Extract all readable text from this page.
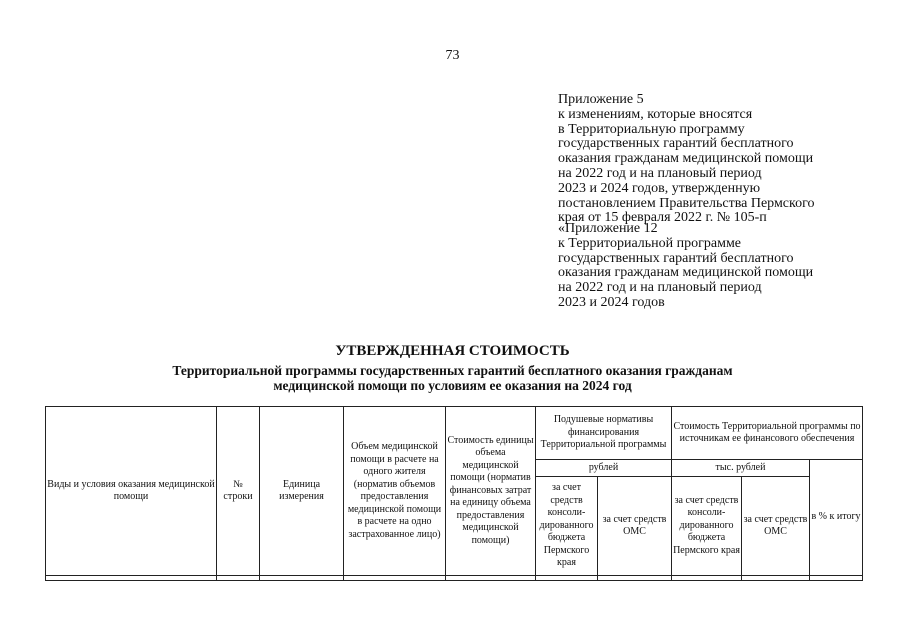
73
Приложение 5
к изменениям, которые вносятся
в Территориальную программу
государственных гарантий бесплатного
оказания гражданам медицинской помощи
на 2022 год и на плановый период
2023 и 2024 годов, утвержденную
постановлением Правительства Пермского
края от 15 февраля 2022 г. № 105-п
«Приложение 12
к Территориальной программе
государственных гарантий бесплатного
оказания гражданам медицинской помощи
на 2022 год и на плановый период
2023 и 2024 годов
УТВЕРЖДЕННАЯ СТОИМОСТЬ
Территориальной программы государственных гарантий бесплатного оказания гражданам
медицинской помощи по условиям ее оказания на 2024 год
Виды и условия оказания медицинской помощи	№ строки	Единица измерения	Объем медицинской помощи в расчете на одного жителя (норматив объемов предоставления медицинской помощи в расчете на одно застрахованное лицо)	Стоимость единицы объема медицинской помощи (норматив финансовых затрат на единицу объема предоставления медицинской помощи)	Подушевые нормативы финансирования Территориальной программы		Стоимость Территориальной программы по источникам ее финансового обеспечения		
					рублей		тыс. рублей		в % к итогу
					за счет средств консоли-дированного бюджета Пермского края	за счет средств ОМС	за счет средств консоли-дированного бюджета Пермского края	за счет средств ОМС	
